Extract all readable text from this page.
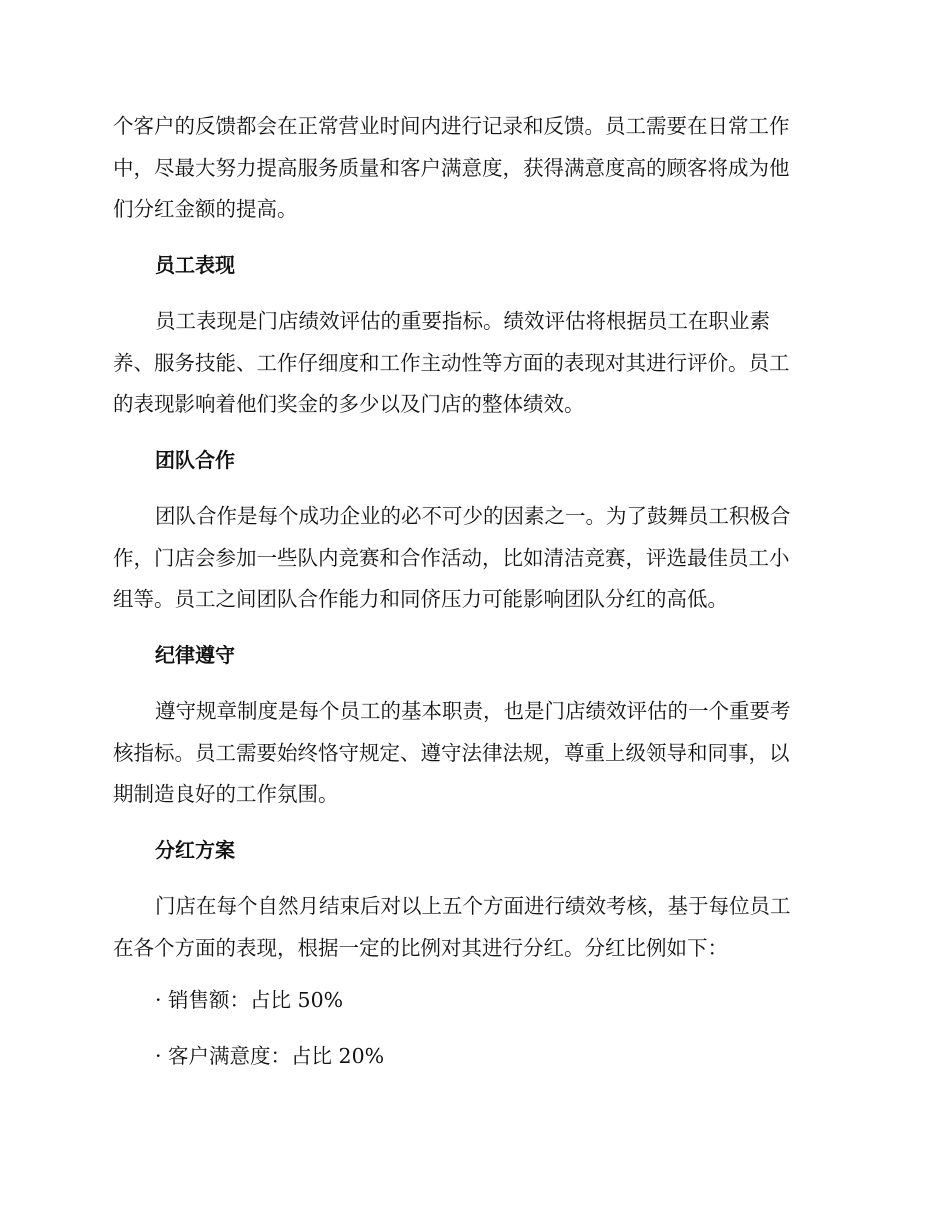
个客户的反馈都会在正常营业时间内进行记录和反馈。员工需要在日常工作
中，尽最大努力提高服务质量和客户满意度，获得满意度高的顾客将成为他
们分红金额的提高。

员工表现

员工表现是门店绩效评估的重要指标。绩效评估将根据员工在职业素
养、服务技能、工作仔细度和工作主动性等方面的表现对其进行评价。员工
的表现影响着他们奖金的多少以及门店的整体绩效。

团队合作

团队合作是每个成功企业的必不可少的因素之一。为了鼓舞员工积极合
作，门店会参加一些队内竞赛和合作活动，比如清洁竞赛，评选最佳员工小
组等。员工之间团队合作能力和同侪压力可能影响团队分红的高低。

纪律遵守

遵守规章制度是每个员工的基本职责，也是门店绩效评估的一个重要考
核指标。员工需要始终恪守规定、遵守法律法规，尊重上级领导和同事，以
期制造良好的工作氛围。

分红方案

门店在每个自然月结束后对以上五个方面进行绩效考核，基于每位员工
在各个方面的表现，根据一定的比例对其进行分红。分红比例如下：

· 销售额：占比 50%

· 客户满意度：占比 20%
